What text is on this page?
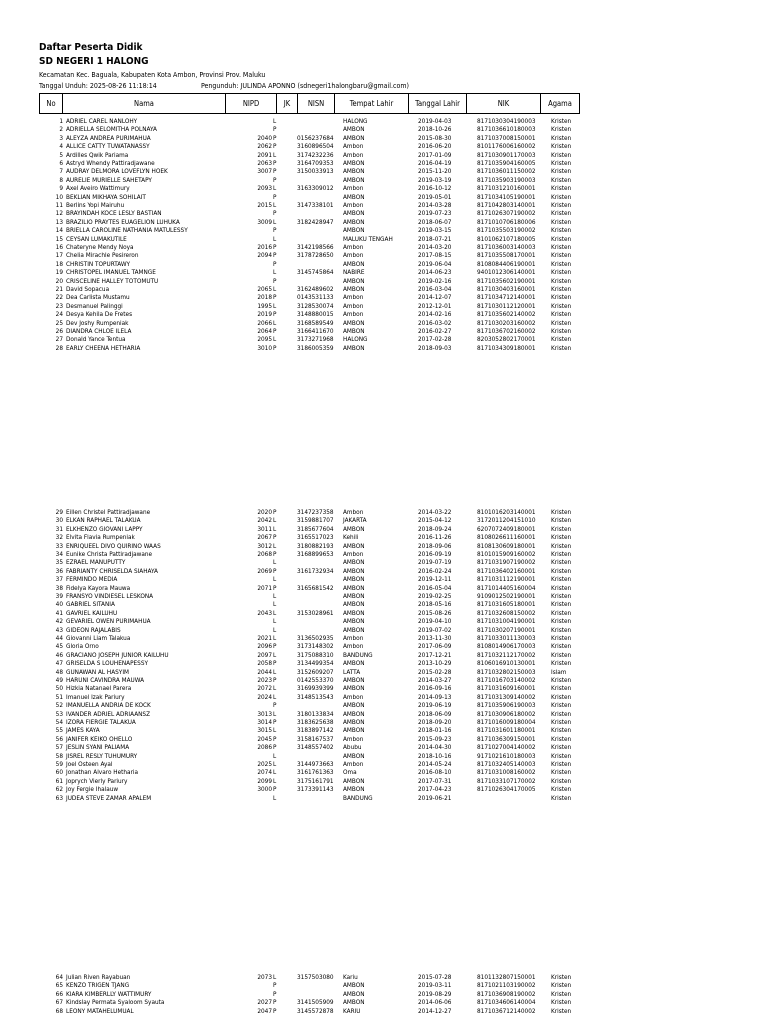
Daftar Peserta Didik
SD NEGERI 1 HALONG
Kecamatan Kec. Baguala, Kabupaten Kota Ambon, Provinsi Prov. Maluku
Tanggal Unduh: 2025-08-26 11:18:14	Pengunduh: JULINDA APONNO (sdnegeri1halongbaru@gmail.com)
No	Nama	NIPD	JK	NISN	Tempat Lahir	Tanggal Lahir	NIK	Agama
1 ADRIEL CAREL NANLOHY	L	HALONG	2019-04-03	8171030304190003 Kristen
2 ADRIELLA SELOMITHA POLNAYA	P	AMBON	2018-10-26	8171036610180003 Kristen
3 ALEYZA ANDREA PURIMAHUA	2040 P	0156237684 AMBON	2015-08-30	8171037008150001 Kristen
4 ALLICE CATTY TUWATANASSY	2062 P	3160896504 Ambon	2016-06-20	8101176006160002 Kristen
5 Ardilles Qwik Pariama	2091 L	3174232236 Ambon	2017-01-09	8171030901170003 Kristen
6 Astryd Whendy Pattiradjawane	2063 P	3164709353 AMBON	2016-04-19	8171035904160005 Kristen
7 AUDRAY DELMORA LOVEFLYN HOEK	3007 P	3150033913 AMBON	2015-11-20	8171036011150002 Kristen
8 AURELIE MURIELLE SAHETAPY	P	AMBON	2019-03-19	8171035903190003 Kristen
9 Axel Aveiro Wattimury	2093 L	3163309012 Ambon	2016-10-12	8171031210160001 Kristen
10 BEKLIAN MIKHAYA SOHILAIT	P	AMBON	2019-05-01	8171034105190001 Kristen
11 Berlins Yopi Mairuhu	2015 L	3147338101 Ambon	2014-03-28	8171042803140001 Kristen
12 BRAYINDAH KOCE LESLY BASTIAN	P	AMBON	2019-07-23	8171026307190002 Kristen
13 BRAZILIO PRAYTES EUAGELION LUHUKA	3009 L	3182428947 AMBON	2018-06-07	8171010706180006 Kristen
14 BRIELLA CAROLINE NATHANIA MATULESSY	P	AMBON	2019-03-15	8171035503190002 Kristen
15 CEYSAN LUMAKUTILE	L	MALUKU TENGAH	2018-07-21	8101062107180005 Kristen
16 Chateryne Mendy Noya	2016 P	3142198566 Ambon	2014-03-20	8171036003140003 Kristen
17 Chelia Mirachle Pesireron	2094 P	3178728650 Ambon	2017-08-15	8171035508170001 Kristen
18 CHRISTIN TOPURTAWY	P	AMBON	2019-06-04	8108084406190001 Kristen
19 CHRISTOPEL IMANUEL TAMNGE	L	3145745864 NABIRE	2014-06-23	9401012306140001 Kristen
20 CRISCELINE HALLEY TOTOMUTU	P	AMBON	2019-02-16	8171035602190001 Kristen
21 David Sopacua	2065 L	3162489602 AMBON	2016-03-04	8171030403160001 Kristen
22 Dea Carlista Mustamu	2018 P	0143531133 Ambon	2014-12-07	8171034712140001 Kristen
23 Desmanuel Palinggi	1995 L	3128530074 Ambon	2012-12-01	8171030112120001 Kristen
24 Desya Kehila De Fretes	2019 P	3148880015 Ambon	2014-02-16	8171035602140002 Kristen
25 Dev Joshy Rumpeniak	2066 L	3168589549 AMBON	2016-03-02	8171030203160002 Kristen
26 DIANDRA CHLOE ILELA	2064 P	3166411670 AMBON	2016-02-27	8171036702160002 Kristen
27 Donald Yance Tentua	2095 L	3173271968 HALONG	2017-02-28	8203052802170001 Kristen
28 EARLY CHEENA HETHARIA	3010 P	3186005359 AMBON	2018-09-03	8171034309180001 Kristen
29 Eillen Christel Pattiradjawane	2020 P	3147237358 Ambon	2014-03-22	8101016203140001 Kristen
30 ELKAN RAPHAEL TALAKUA	2042 L	3159881707 JAKARTA	2015-04-12	3172011204151010 Kristen
31 ELKHENZO GIOVANI LAPPY	3011 L	3185677604 AMBON	2018-09-24	6207072409180001 Kristen
32 Elvita Flavia Rumpeniak	2067 P	3165517023 Kehili	2016-11-26	8108026611160001 Kristen
33 ENRIQUEEL DIVO QUIRINO WAAS	3012 L	3180882193 AMBON	2018-09-06	8108130609180001 Kristen
34 Eunike Christa Pattiradjawane	2068 P	3168899653 Ambon	2016-09-19	8101015909160002 Kristen
35 EZRAEL MANUPUTTY	L	AMBON	2019-07-19	8171031907190002 Kristen
36 FABRIANTY CHRISELDA SIAHAYA	2069 P	3161732934 AMBON	2016-02-24	8171036402160001 Kristen
37 FERMINDO MEDIA	L	AMBON	2019-12-11	8171031112190001 Kristen
38 Fidelya Kayora Mauwa	2071 P	3165681542 AMBON	2016-05-04	8171014405160004 Kristen
39 FRANSYO VINDIESEL LESKONA	L	AMBON	2019-02-25	9109012502190001 Kristen
40 GABRIEL SITANIA	L	AMBON	2018-05-16	8171031605180001 Kristen
41 GAVRIEL KAILUHU	2043 L	3153028961 AMBON	2015-08-26	8171032608150002 Kristen
42 GEVARIEL OWEN PURIMAHUA	L	AMBON	2019-04-10	8171031004190001 Kristen
43 GIDEON RAJALABIS	L	AMBON	2019-07-02	8171030207190001 Kristen
44 Giovanni Liam Talakua	2021 L	3136502935 Ambon	2013-11-30	8171033011130003 Kristen
45 Gloria Orno	2096 P	3173148302 Ambon	2017-06-09	8108014906170003 Kristen
46 GRACIANO JOSEPH JUNIOR KAILUHU	2097 L	3175088310 BANDUNG	2017-12-21	8171032112170002 Kristen
47 GRISELDA S LOUHENAPESSY	2058 P	3134499354 AMBON	2013-10-29	8106016910130001 Kristen
48 GUNAWAN AL HASYIM	2044 L	3152609207 LATTA	2015-02-28	8171032802150003 Islam
49 HARUNI CAVINDRA MAUWA	2023 P	0142553370 AMBON	2014-03-27	8171016703140002 Kristen
50 Hizkia Natanael Parera	2072 L	3169939399 AMBON	2016-09-16	8171031609160001 Kristen
51 Imanuel Izak Pariury	2024 L	3148513543 Ambon	2014-09-13	8171031309140002 Kristen
52 IMANUELLA ANDRIA DE KOCK	P	AMBON	2019-06-19	8171035906190003 Kristen
53 IVANDER ADRIEL ADRIAANSZ	3013 L	3180133834 AMBON	2018-06-09	8171030906180002 Kristen
54 IZORA FIERGIE TALAKUA	3014 P	3183625638 AMBON	2018-09-20	8171016009180004 Kristen
55 JAMES KAYA	3015 L	3183897142 AMBON	2018-01-16	8171031601180001 Kristen
56 JANIFER KEIKO OHELLO	2045 P	3158167537 Ambon	2015-09-23	8171036309150001 Kristen
57 JESLIN SYANI PALIAMA	2086 P	3148557402 Abubu	2014-04-30	8171027004140002 Kristen
58 JISREL RESLY TUHUMURY	L	AMBON	2018-10-16	9171021610180003 Kristen
59 Joel Osteen Ayal	2025 L	3144973663 Ambon	2014-05-24	8171032405140003 Kristen
60 Jonathan Alvaro Hetharia	2074 L	3161761363 Oma	2016-08-10	8171031008160002 Kristen
61 Joprych Vierly Pariury	2099 L	3175161791 AMBON	2017-07-31	8171033107170002 Kristen
62 Joy Fergie Ihalauw	3000 P	3173391143 AMBON	2017-04-23	8171026304170005 Kristen
63 JUDEA STEVE ZAMAR APALEM	L	BANDUNG	2019-06-21	Kristen
64 Julian Riven Rayabuan	2073 L	3157503080 Kariu	2015-07-28	8101132807150001 Kristen
65 KENZO TRIGEN TJANG	P	AMBON	2019-03-11	8171021103190002 Kristen
66 KIARA KIMBERLLY WATTIMURY	P	AMBON	2019-08-29	8171036908190002 Kristen
67 Kindslay Permata Syaloom Syauta	2027 P	3141505909 AMBON	2014-06-06	8171034606140004 Kristen
68 LEONY MATAHELUMUAL	2047 P	3145572878 KARIU	2014-12-27	8171036712140002 Kristen
